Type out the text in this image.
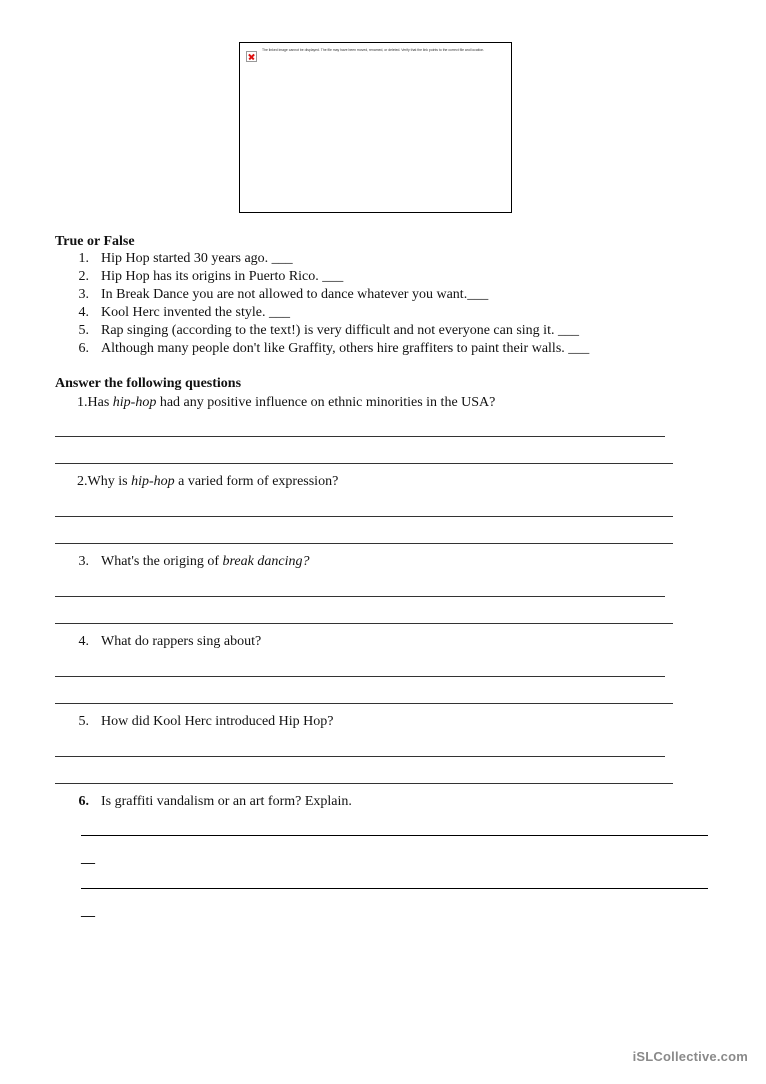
The linked image cannot be displayed. The file may have been moved, renamed, or deleted. Verify that the link points to the correct file and location.
True or False
1. Hip Hop started 30 years ago. ___
2. Hip Hop has its origins in Puerto Rico. ___
3. In Break Dance you are not allowed to dance whatever you want.___
4. Kool Herc invented the style. ___
5. Rap singing (according to the text!) is very difficult and not everyone can sing it. ___
6. Although many people don't like Graffity, others hire graffiters to paint their walls. ___
Answer the following questions
1.Has hip-hop had any positive influence on ethnic minorities in the USA?
2.Why is hip-hop a varied form of expression?
3. What's the origing of break dancing?
4. What do rappers sing about?
5. How did Kool Herc introduced Hip Hop?
6. Is graffiti vandalism or an art form? Explain.
__
__
iSLCollective.com
